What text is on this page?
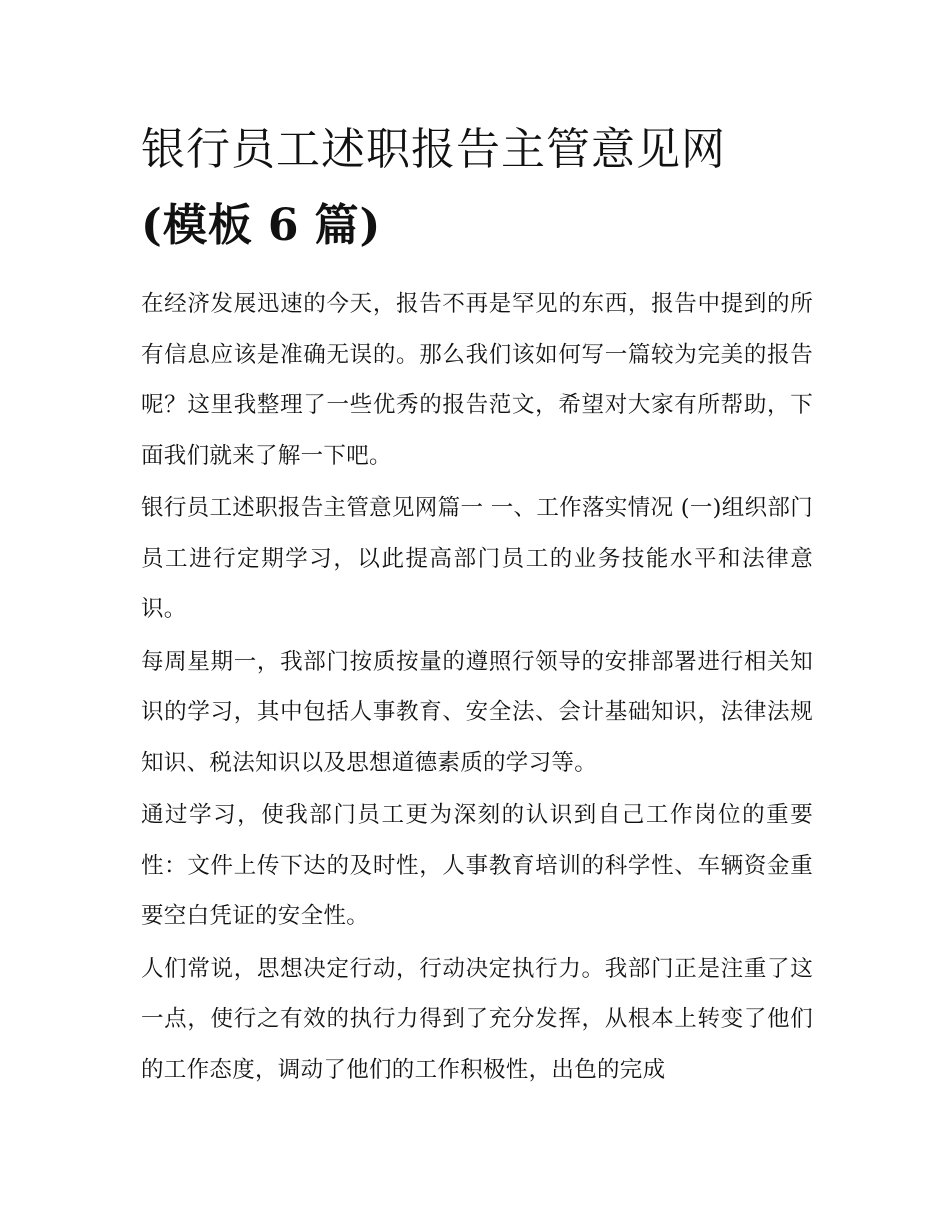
银行员工述职报告主管意见网
(模板 6 篇)

在经济发展迅速的今天，报告不再是罕见的东西，报告中提到的所有信息应该是准确无误的。那么我们该如何写一篇较为完美的报告呢？这里我整理了一些优秀的报告范文，希望对大家有所帮助，下面我们就来了解一下吧。

银行员工述职报告主管意见网篇一 一、工作落实情况 (一)组织部门员工进行定期学习，以此提高部门员工的业务技能水平和法律意识。

每周星期一，我部门按质按量的遵照行领导的安排部署进行相关知识的学习，其中包括人事教育、安全法、会计基础知识，法律法规知识、税法知识以及思想道德素质的学习等。

通过学习，使我部门员工更为深刻的认识到自己工作岗位的重要性：文件上传下达的及时性，人事教育培训的科学性、车辆资金重要空白凭证的安全性。

人们常说，思想决定行动，行动决定执行力。我部门正是注重了这一点，使行之有效的执行力得到了充分发挥，从根本上转变了他们的工作态度，调动了他们的工作积极性，出色的完成
